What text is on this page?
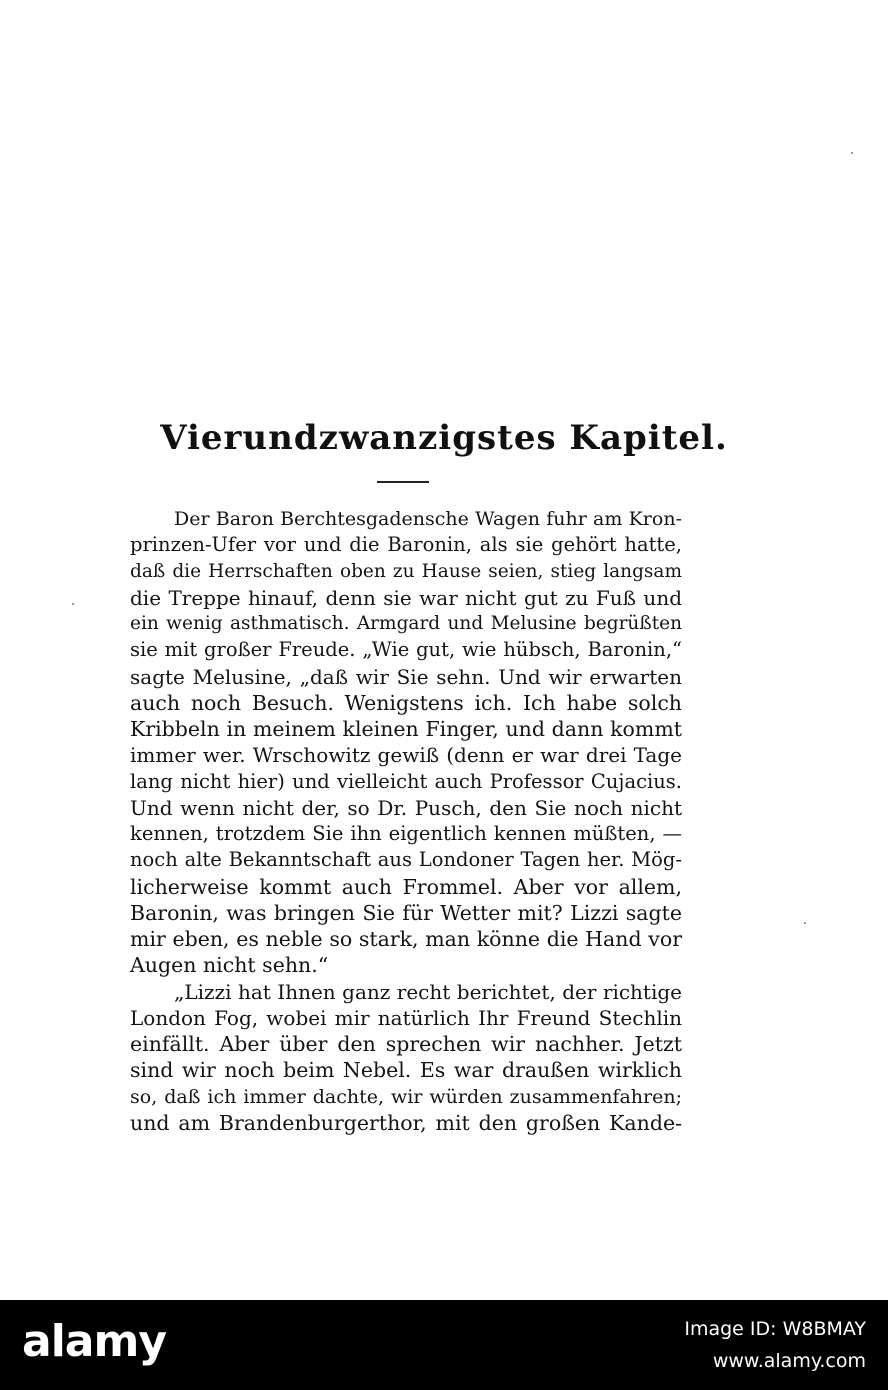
Vierundzwanzigstes Kapitel.
Der Baron Berchtesgadensche Wagen fuhr am Kron-
prinzen-Ufer vor und die Baronin, als sie gehört hatte,
daß die Herrschaften oben zu Hause seien, stieg langsam
die Treppe hinauf, denn sie war nicht gut zu Fuß und
ein wenig asthmatisch. Armgard und Melusine begrüßten
sie mit großer Freude. „Wie gut, wie hübsch, Baronin,“
sagte Melusine, „daß wir Sie sehn. Und wir erwarten
auch noch Besuch. Wenigstens ich. Ich habe solch
Kribbeln in meinem kleinen Finger, und dann kommt
immer wer. Wrschowitz gewiß (denn er war drei Tage
lang nicht hier) und vielleicht auch Professor Cujacius.
Und wenn nicht der, so Dr. Pusch, den Sie noch nicht
kennen, trotzdem Sie ihn eigentlich kennen müßten, —
noch alte Bekanntschaft aus Londoner Tagen her. Mög-
licherweise kommt auch Frommel. Aber vor allem,
Baronin, was bringen Sie für Wetter mit? Lizzi sagte
mir eben, es neble so stark, man könne die Hand vor
Augen nicht sehn.“
„Lizzi hat Ihnen ganz recht berichtet, der richtige
London Fog, wobei mir natürlich Ihr Freund Stechlin
einfällt. Aber über den sprechen wir nachher. Jetzt
sind wir noch beim Nebel. Es war draußen wirklich
so, daß ich immer dachte, wir würden zusammenfahren;
und am Brandenburgerthor, mit den großen Kande-
alamy	Image ID: W8BMAY
www.alamy.com
